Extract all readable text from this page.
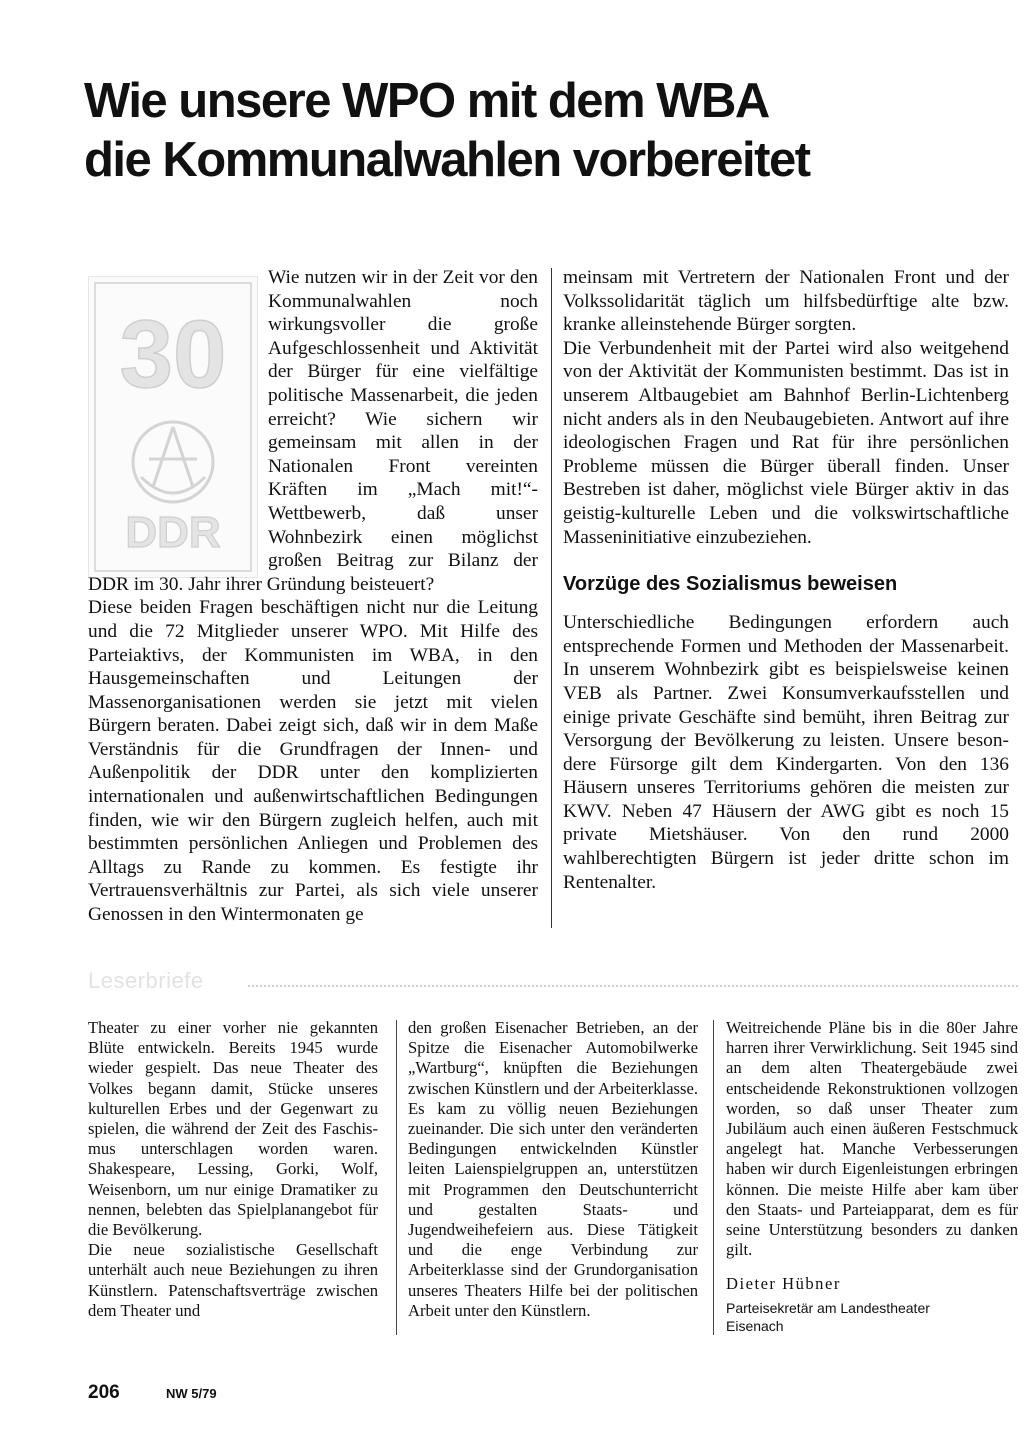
Wie unsere WPO mit dem WBA
die Kommunalwahlen vorbereitet
30
DDR

Wie nutzen wir in der Zeit vor den Kommunalwahlen noch wirkungsvoller die große Aufgeschlossenheit und Aktivität der Bürger für eine vielfältige politische Massenarbeit, die jeden erreicht? Wie sichern wir gemeinsam mit allen in der Nationalen Front vereinten Kräften im „Mach mit!“-Wettbewerb, daß unser Wohnbezirk einen möglichst großen Beitrag zur Bilanz der DDR im 30. Jahr ihrer Gründung beisteuert?

Diese beiden Fragen beschäftigen nicht nur die Leitung und die 72 Mitglieder unserer WPO. Mit Hilfe des Parteiaktivs, der Kommunisten im WBA, in den Hausgemeinschaften und Leitungen der Massenorganisationen werden sie jetzt mit vielen Bürgern beraten. Dabei zeigt sich, daß wir in dem Maße Verständnis für die Grundfragen der Innen- und Außenpolitik der DDR unter den komplizierten internationalen und außenwirtschaftlichen Bedingungen finden, wie wir den Bürgern zugleich helfen, auch mit bestimmten persönlichen Anliegen und Problemen des Alltags zu Rande zu kommen. Es festigte ihr Vertrauensverhältnis zur Partei, als sich viele unserer Genossen in den Wintermonaten ge

meinsam mit Vertretern der Nationalen Front und der Volkssolidarität täglich um hilfsbedürftige alte bzw. kranke alleinstehende Bürger sorgten.

Die Verbundenheit mit der Partei wird also weitgehend von der Aktivität der Kommunisten bestimmt. Das ist in unserem Altbaugebiet am Bahnhof Berlin-Lichtenberg nicht anders als in den Neubaugebieten. Antwort auf ihre ideologischen Fragen und Rat für ihre persönlichen Probleme müssen die Bürger überall finden. Unser Bestreben ist daher, möglichst viele Bürger aktiv in das geistig-kulturelle Leben und die volkswirtschaftliche Masseninitiative einzubeziehen.

Vorzüge des Sozialismus beweisen

Unterschiedliche Bedingungen erfordern auch entsprechende Formen und Methoden der Massenarbeit. In unserem Wohnbezirk gibt es beispielsweise keinen VEB als Partner. Zwei Konsumverkaufsstellen und einige private Geschäfte sind bemüht, ihren Beitrag zur Versorgung der Bevölkerung zu leisten. Unsere besondere Fürsorge gilt dem Kindergarten. Von den 136 Häusern unseres Territoriums gehören die meisten zur KWV. Neben 47 Häusern der AWG gibt es noch 15 private Mietshäuser. Von den rund 2000 wahlberechtigten Bürgern ist jeder dritte schon im Rentenalter.

Leserbriefe

Theater zu einer vorher nie gekannten Blüte entwickeln. Bereits 1945 wurde wieder gespielt. Das neue Theater des Volkes begann damit, Stücke unseres kulturellen Erbes und der Gegenwart zu spielen, die während der Zeit des Faschismus unterschlagen worden waren. Shakespeare, Lessing, Gorki, Wolf, Weisenborn, um nur einige Dramatiker zu nennen, belebten das Spielplanangebot für die Bevölkerung.

Die neue sozialistische Gesellschaft unterhält auch neue Beziehungen zu ihren Künstlern. Patenschaftsverträge zwischen dem Theater und

den großen Eisenacher Betrieben, an der Spitze die Eisenacher Automobilwerke „Wartburg“, knüpften die Beziehungen zwischen Künstlern und der Arbeiterklasse. Es kam zu völlig neuen Beziehungen zueinander. Die sich unter den veränderten Bedingungen entwickelnden Künstler leiten Laienspielgruppen an, unterstützen mit Programmen den Deutschunterricht und gestalten Staats- und Jugendweihefeiern aus. Diese Tätigkeit und die enge Verbindung zur Arbeiterklasse sind der Grundorganisation unseres Theaters Hilfe bei der politischen Arbeit unter den Künstlern.

Weitreichende Pläne bis in die 80er Jahre harren ihrer Verwirklichung. Seit 1945 sind an dem alten Theatergebäude zwei entscheidende Rekonstruktionen vollzogen worden, so daß unser Theater zum Jubiläum auch einen äußeren Festschmuck angelegt hat. Manche Verbesserungen haben wir durch Eigenleistungen erbringen können. Die meiste Hilfe aber kam über den Staats- und Parteiapparat, dem es für seine Unterstützung besonders zu danken gilt.

Dieter Hübner

Parteisekretär am Landestheater
Eisenach

206	NW 5/79
